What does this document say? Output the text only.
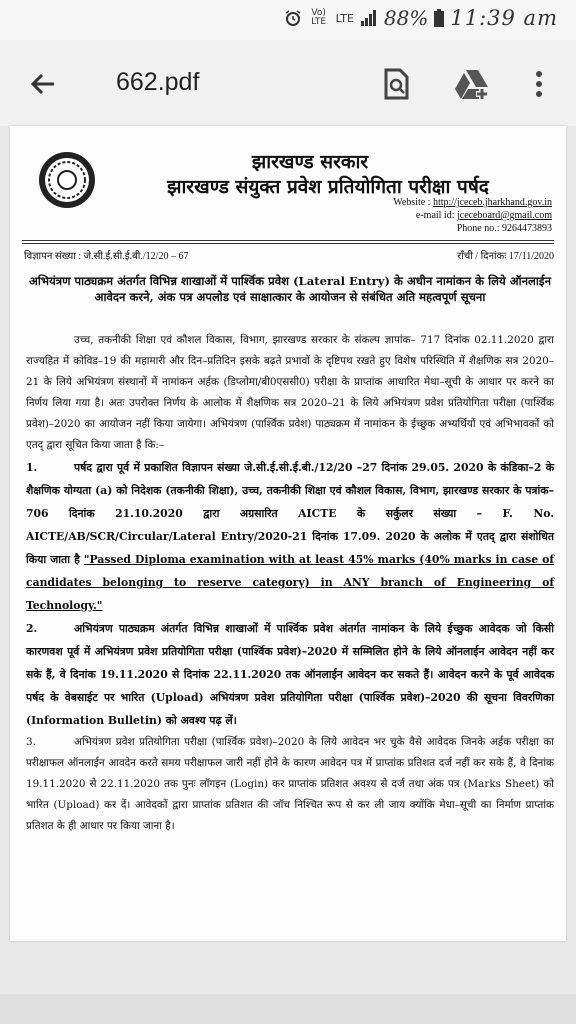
Vo) LTE LTE 88% 11:39 am
662.pdf
झारखण्ड सरकार
झारखण्ड संयुक्त प्रवेश प्रतियोगिता परीक्षा पर्षद
Website : http://jceceb.jharkhand.gov.in
e-mail id: jceceboard@gmail.com
Phone no.: 9264473893
विज्ञापन संख्या : जे.सी.ई.सी.ई.बी./12/20 – 67	राँची / दिनांकः 17/11/2020
अभियंत्रण पाठ्यक्रम अंतर्गत विभिन्न शाखाओं में पार्श्विक प्रवेश (Lateral Entry) के अधीन नामांकन के लिये ऑनलाईन आवेदन करने, अंक पत्र अपलोड एवं साक्षात्कार के आयोजन से संबंधित अति महत्वपूर्ण सूचना

उच्च, तकनीकी शिक्षा एवं कौशल विकास, विभाग, झारखण्ड सरकार के संकल्प ज्ञापांक– 717 दिनांक 02.11.2020 द्वारा राज्यहित में कोविड–19 की महामारी और दिन–प्रतिदिन इसके बढ़ते प्रभावों के दृष्टिपथ रखते हुए विशेष परिस्थिति में शैक्षणिक सत्र 2020–21 के लिये अभियंत्रण संस्थानों में नामांकन अर्हक (डिप्लोमा/बी0एससी0) परीक्षा के प्राप्तांक आधारित मेधा–सूची के आधार पर करने का निर्णय लिया गया है। अतः उपरोक्त निर्णय के आलोक में शैक्षणिक सत्र 2020–21 के लिये अभियंत्रण प्रवेश प्रतियोगिता परीक्षा (पार्श्विक प्रवेश)–2020 का आयोजन नहीं किया जायेगा। अभियंत्रण (पार्श्विक प्रवेश) पाठ्यक्रम में नामांकन के ईच्छुक अभ्यर्थियों एवं अभिभावकों को एतद् द्वारा सूचित किया जाता है कि:–

1.	पर्षद द्वारा पूर्व में प्रकाशित विज्ञापन संख्या जे.सी.ई.सी.ई.बी./12/20 –27 दिनांक 29.05. 2020 के कंडिका–2 के शैक्षणिक योग्यता (a) को निदेशक (तकनीकी शिक्षा), उच्च, तकनीकी शिक्षा एवं कौशल विकास, विभाग, झारखण्ड सरकार के पत्रांक– 706 दिनांक 21.10.2020 द्वारा अग्रसारित AICTE के सर्कुलर संख्या – F. No. AICTE/AB/SCR/Circular/Lateral Entry/2020-21 दिनांक 17.09. 2020 के अलोक में एतद् द्वारा संशोधित किया जाता है "Passed Diploma examination with at least 45% marks (40% marks in case of candidates belonging to reserve category) in ANY branch of Engineering of Technology."

2.	अभियंत्रण पाठ्यक्रम अंतर्गत विभिन्न शाखाओं में पार्श्विक प्रवेश अंतर्गत नामांकन के लिये ईच्छुक आवेदक जो किसी कारणवश पूर्व में अभियंत्रण प्रवेश प्रतियोगिता परीक्षा (पार्श्विक प्रवेश)–2020 में सम्मिलित होने के लिये ऑनलाईन आवेदन नहीं कर सके हैं, वे दिनांक 19.11.2020 से दिनांक 22.11.2020 तक ऑनलाईन आवेदन कर सकते हैं। आवेदन करने के पूर्व आवेदक पर्षद के वेबसाईट पर भारित (Upload) अभियंत्रण प्रवेश प्रतियोगिता परीक्षा (पार्श्विक प्रवेश)–2020 की सूचना विवरणिका (Information Bulletin) को अवश्य पढ़ लें।

3.	अभियंत्रण प्रवेश प्रतियोगिता परीक्षा (पार्श्विक प्रवेश)–2020 के लिये आवेदन भर चुके वैसे आवेदक जिनके अर्हक परीक्षा का परीक्षाफल ऑनलाईन आवदेन करते समय परीक्षाफल जारी नहीं होने के कारण आवेदन पत्र में प्राप्तांक प्रतिशत दर्ज नहीं कर सके हैं, वे दिनांक 19.11.2020 से 22.11.2020 तक पुनः लॉगइन (Login) कर प्राप्तांक प्रतिशत अवश्य से दर्ज तथा अंक पत्र (Marks Sheet) को भारित (Upload) कर दें। आवेदकों द्वारा प्राप्तांक प्रतिशत की जॉच निश्चित रूप से कर ली जाय क्योंकि मेधा–सूची का निर्माण प्राप्तांक प्रतिशत के ही आधार पर किया जाना है।
